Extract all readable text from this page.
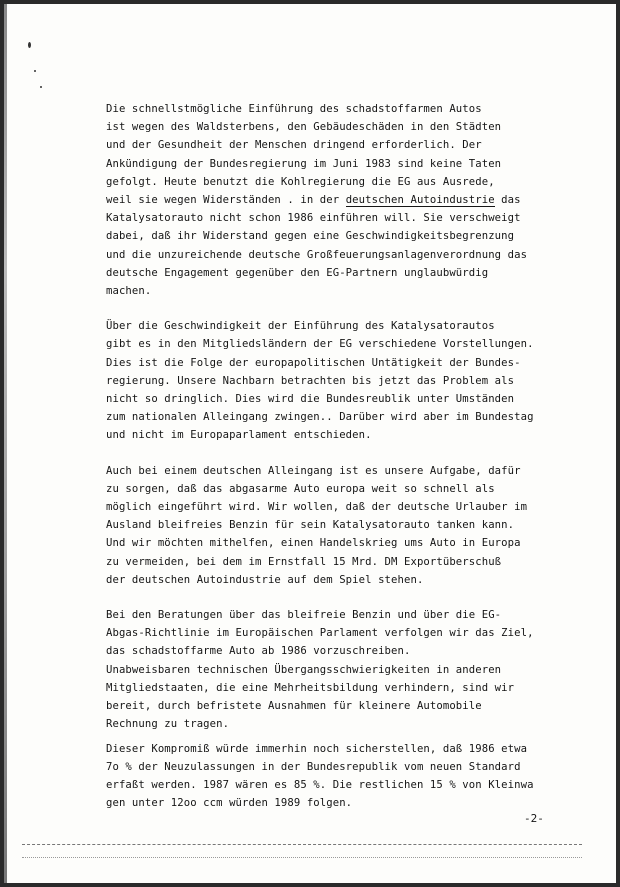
Die schnellstmögliche Einführung des schadstoffarmen Autos
ist wegen des Waldsterbens, den Gebäudeschäden in den Städten
und der Gesundheit der Menschen dringend erforderlich. Der
Ankündigung der Bundesregierung im Juni 1983 sind keine Taten
gefolgt. Heute benutzt die Kohlregierung die EG aus Ausrede,
weil sie wegen Widerständen . in der deutschen Autoindustrie das
Katalysatorauto nicht schon 1986 einführen will. Sie verschweigt
dabei, daß ihr Widerstand gegen eine Geschwindigkeitsbegrenzung
und die unzureichende deutsche Großfeuerungsanlagenverordnung das
deutsche Engagement gegenüber den EG-Partnern unglaubwürdig
machen.

Über die Geschwindigkeit der Einführung des Katalysatorautos
gibt es in den Mitgliedsländern der EG verschiedene Vorstellungen.
Dies ist die Folge der europapolitischen Untätigkeit der Bundes-
regierung. Unsere Nachbarn betrachten bis jetzt das Problem als
nicht so dringlich. Dies wird die Bundesreublik unter Umständen
zum nationalen Alleingang zwingen.. Darüber wird aber im Bundestag
und nicht im Europaparlament entschieden.

Auch bei einem deutschen Alleingang ist es unsere Aufgabe, dafür
zu sorgen, daß das abgasarme Auto europa weit so schnell als
möglich eingeführt wird. Wir wollen, daß der deutsche Urlauber im
Ausland bleifreies Benzin für sein Katalysatorauto tanken kann.
Und wir möchten mithelfen, einen Handelskrieg ums Auto in Europa
zu vermeiden, bei dem im Ernstfall 15 Mrd. DM Exportüberschuß
der deutschen Autoindustrie auf dem Spiel stehen.

Bei den Beratungen über das bleifreie Benzin und über die EG-
Abgas-Richtlinie im Europäischen Parlament verfolgen wir das Ziel,
das schadstoffarme Auto ab 1986 vorzuschreiben.
Unabweisbaren technischen Übergangsschwierigkeiten in anderen
Mitgliedstaaten, die eine Mehrheitsbildung verhindern, sind wir
bereit, durch befristete Ausnahmen für kleinere Automobile
Rechnung zu tragen.

Dieser Kompromiß würde immerhin noch sicherstellen, daß 1986 etwa
7o % der Neuzulassungen in der Bundesrepublik vom neuen Standard
erfaßt werden. 1987 wären es 85 %. Die restlichen 15 % von Kleinwa
gen unter 12oo ccm würden 1989 folgen.

-2-
